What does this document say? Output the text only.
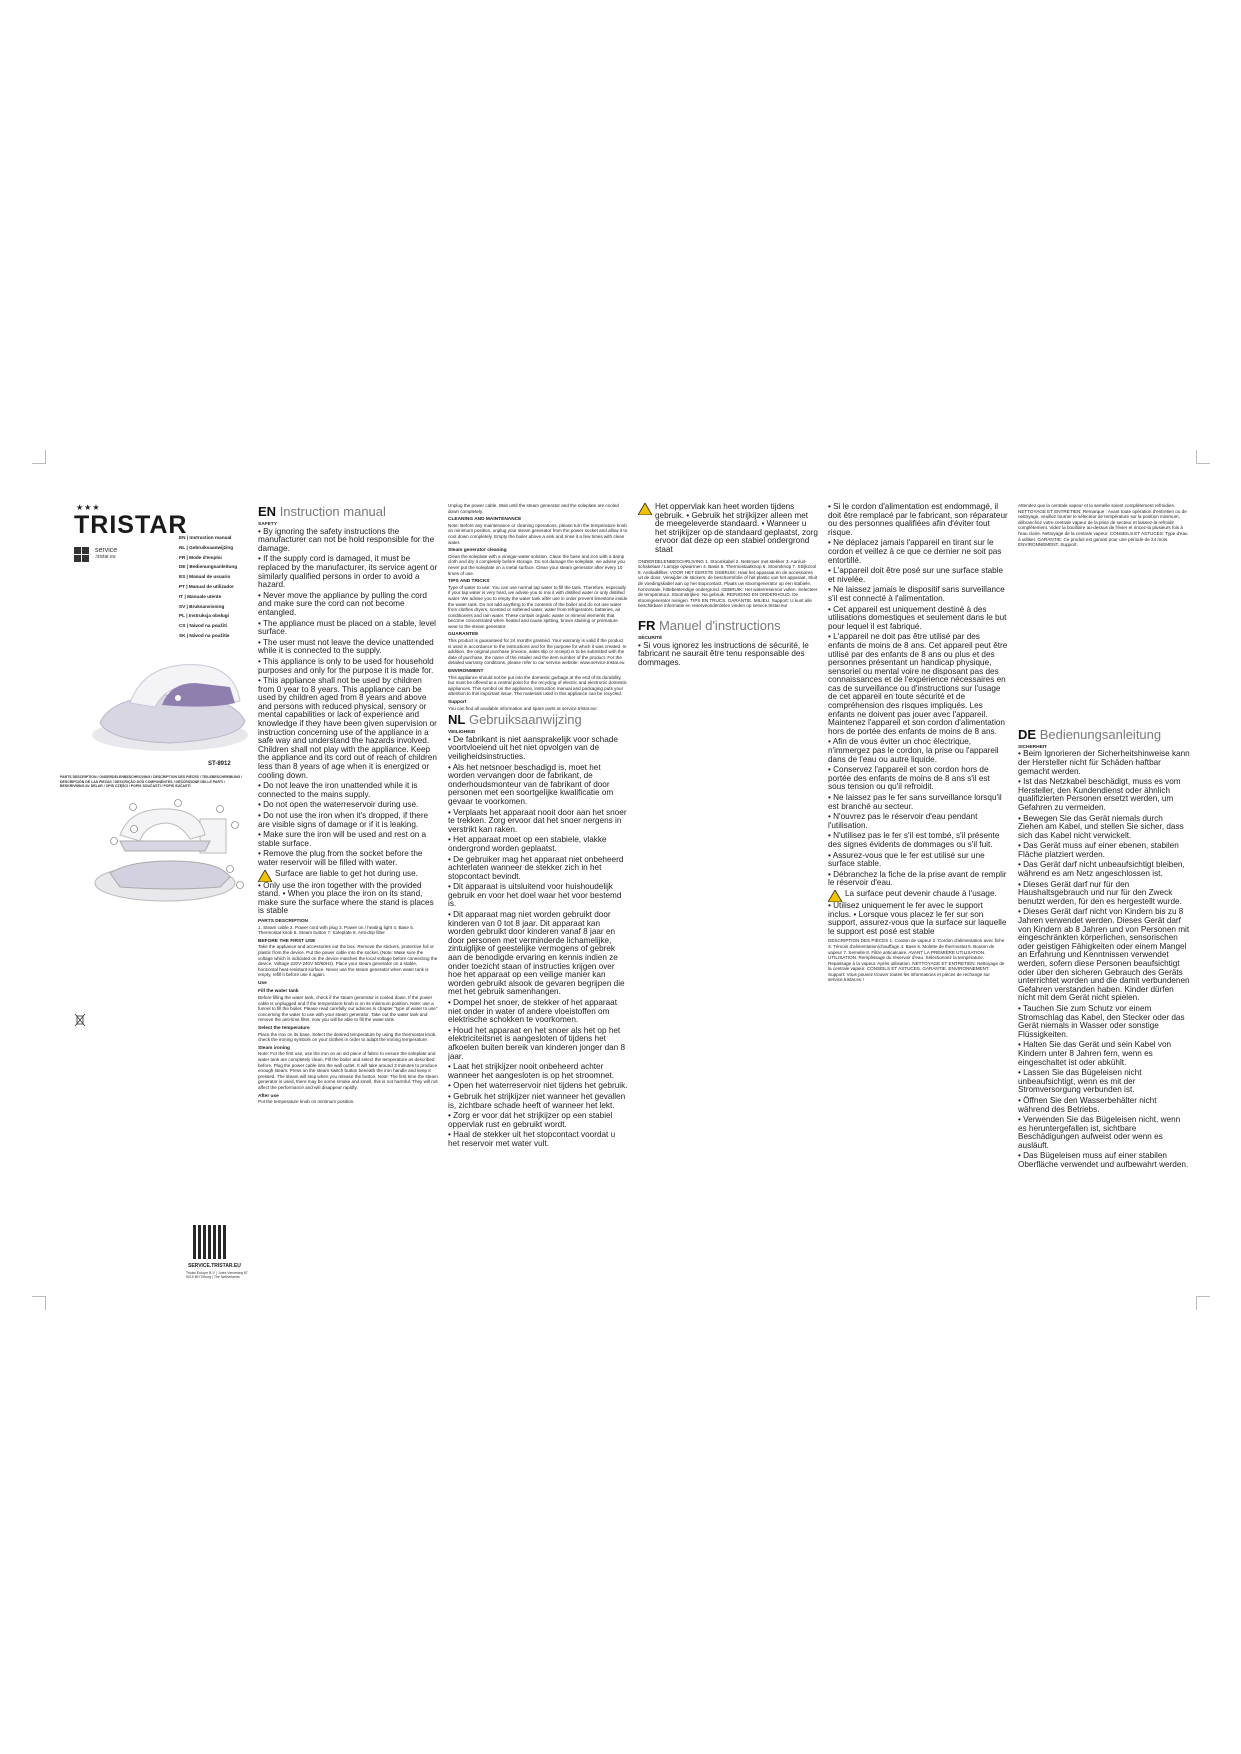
★★★
TRISTAR
service
.tristar.eu
EN | Instruction manual
NL | Gebruiksaanwijzing
FR | Mode d'emploi
DE | Bedienungsanleitung
ES | Manual de usuario
PT | Manual de utilizador
IT | Manuale utente
SV | Bruksanvisning
PL | Instrukcja obsługi
CS | Návod na použití
SK | Návod na použitie
ST-8912
PARTS DESCRIPTION / ONDERDELENBESCHRIJVING / DESCRIPTION DES PIÈCES / TEILEBESCHREIBUNG / DESCRIPCIÓN DE LAS PIEZAS / DESCRIÇÃO DOS COMPONENTES / DESCRIZIONE DELLE PARTI / BESKRIVNING AV DELAR / OPIS CZĘŚCI / POPIS SOUČÁSTÍ / POPIS SÚČASTÍ
SERVICE.TRISTAR.EU
Tristar Europe B.V. | Jules Verneweg 87 5015 BH Tilburg | The Netherlands
EN Instruction manual
SAFETY

• By ignoring the safety instructions the manufacturer can not be hold responsible for the damage.

• If the supply cord is damaged, it must be replaced by the manufacturer, its service agent or similarly qualified persons in order to avoid a hazard.

• Never move the appliance by pulling the cord and make sure the cord can not become entangled.

• The appliance must be placed on a stable, level surface.

• The user must not leave the device unattended while it is connected to the supply.

• This appliance is only to be used for household purposes and only for the purpose it is made for.

• This appliance shall not be used by children from 0 year to 8 years. This appliance can be used by children aged from 8 years and above and persons with reduced physical, sensory or mental capabilities or lack of experience and knowledge if they have been given supervision or instruction concerning use of the appliance in a safe way and understand the hazards involved. Children shall not play with the appliance. Keep the appliance and its cord out of reach of children less than 8 years of age when it is energized or cooling down.

• Do not leave the iron unattended while it is connected to the mains supply.

• Do not open the waterreservoir during use.

• Do not use the iron when it's dropped, if there are visible signs of damage or if it is leaking.

• Make sure the iron will be used and rest on a stable surface.

• Remove the plug from the socket before the water reservoir will be filled with water.

Surface are liable to get hot during use.

• Only use the iron together with the provided stand. • When you place the iron on its stand, make sure the surface where the stand is places is stable

PARTS DESCRIPTION

1. Steam cable 2. Power cord with plug 3. Power on / heating light 4. Base 5. Thermostat knob 6. Steam button 7. Soleplate 8. Anti-drip filter

BEFORE THE FIRST USE

Take the appliance and accessories out the box. Remove the stickers, protective foil or plastic from the device. Put the power cable into the socket. (Note: Make sure the voltage which is indicated on the device matches the local voltage before connecting the device. Voltage 220V-240V 50/60Hz). Place your steam generator on a stable, horizontal heat-resistant surface. Never use the steam generator when water tank is empty, refill it before use it again.

Use
Fill the water tank

Before filling the water tank, check if the steam generator is cooled down. If the power cable is unplugged and if the temperature knob is on its minimum position. Note: use a funnel to fill the boiler. Please read carefully our advices in chapter "type of water to use" concerning the water to use with your steam generator. Take out the water tank and remove the anti-lime filter, now you will be able to fill the water tank.

Select the temperature

Place the iron on its base. Select the desired temperature by using the thermostat knob, check the ironing symbols on your clothes in order to adapt the ironing temperature.

Steam ironing

Note: For the first use, use the iron on an old piece of fabric to ensure the soleplate and water tank are completely clean. Fill the boiler and select the temperature as described before. Plug the power cable into the wall outlet. It will take around 3 minutes to produce enough steam. Press on the steam switch button beneath the iron handle and keep it pressed. The steam will stop when you release the button. Note: The first time the steam generator is used, there may be some smoke and smell, this is not harmful. They will not affect the performance and will disappear rapidly.

After use

Put the temperature knob on minimum position.

Unplug the power cable. Wait until the steam generator and the soleplate are cooled down completely.

CLEANING AND MAINTENANCE

Note: Before any maintenance or cleaning operations, please turn the temperature knob on minimum position, unplug your steam generator from the power socket and allow it to cool down completely. Empty the boiler above a sink and rinse it a few times with clean water.

Steam generator cleaning

Clean the soleplate with a vinegar-water solution. Clean the base and iron with a damp cloth and dry it completely before storage. Do not damage the soleplate, we advise you never put the soleplate on a metal surface. Clean your steam generator after every 10 times of use.

TIPS AND TRICKS

Type of water to use: You can use normal tap water to fill the tank. Therefore, especially if your tap water is very hard, we advise you to mix it with distilled water or only distilled water. We advise you to empty the water tank after use in order prevent limestone inside the water tank. Do not add anything to the contents of the boiler and do not use water from clothes dryers, scented or softened water, water from refrigerators, batteries, air conditioners and rain water. These contain organic waste or mineral elements that become concentrated when heated and cause spitting, brown staining or premature wear to the steam generator.

GUARANTEE

This product is guaranteed for 24 months grantied. Your warranty is valid if the product is used in accordance to the instructions and for the purpose for which it was created. In addition, the original purchase (invoice, sales slip or receipt) is to be submitted with the date of purchase, the name of the retailer and the item number of the product. For the detailed warranty conditions, please refer to our service website: www.service.tristar.eu

ENVIRONMENT

This appliance should not be put into the domestic garbage at the end of its durability, but must be offered at a central point for the recycling of electric and electronic domestic appliances. This symbol on the appliance, instruction manual and packaging puts your attention to this important issue. The materials used in this appliance can be recycled.

Support

You can find all available information and spare parts at service.tristar.eu!

NL Gebruiksaanwijzing
VEILIGHEID

• De fabrikant is niet aansprakelijk voor schade voortvloeiend uit het niet opvolgen van de veiligheidsinstructies.

• Als het netsnoer beschadigd is, moet het worden vervangen door de fabrikant, de onderhoudsmonteur van de fabrikant of door personen met een soortgelijke kwalificatie om gevaar te voorkomen.

• Verplaats het apparaat nooit door aan het snoer te trekken. Zorg ervoor dat het snoer nergens in verstrikt kan raken.

• Het apparaat moet op een stabiele, vlakke ondergrond worden geplaatst.

• De gebruiker mag het apparaat niet onbeheerd achterlaten wanneer de stekker zich in het stopcontact bevindt.

• Dit apparaat is uitsluitend voor huishoudelijk gebruik en voor het doel waar het voor bestemd is.

• Dit apparaat mag niet worden gebruikt door kinderen van 0 tot 8 jaar. Dit apparaat kan worden gebruikt door kinderen vanaf 8 jaar en door personen met verminderde lichamelijke, zintuiglijke of geestelijke vermogens of gebrek aan de benodigde ervaring en kennis indien ze onder toezicht staan of instructies krijgen over hoe het apparaat op een veilige manier kan worden gebruikt alsook de gevaren begrijpen die met het gebruik samenhangen.

• Dompel het snoer, de stekker of het apparaat niet onder in water of andere vloeistoffen om elektrische schokken te voorkomen.

• Houd het apparaat en het snoer als het op het elektriciteitsnet is aangesloten of tijdens het afkoelen buiten bereik van kinderen jonger dan 8 jaar.

• Laat het strijkijzer nooit onbeheerd achter wanneer het aangesloten is op het stroomnet.

• Open het waterreservoir niet tijdens het gebruik.

• Gebruik het strijkijzer niet wanneer het gevallen is, zichtbare schade heeft of wanneer het lekt.

• Zorg er voor dat het strijkijzer op een stabiel oppervlak rust en gebruikt wordt.

• Haal de stekker uit het stopcontact voordat u het reservoir met water vult.

Het oppervlak kan heet worden tijdens gebruik. • Gebruik het strijkijzer alleen met de meegeleverde standaard. • Wanneer u het strijkijzer op de standaard geplaatst, zorg ervoor dat deze op een stabiel ondergrond staat

ONDERDELENBESCHRIJVING 1. Stoomkabel 2. Netsnoer met stekker 3. Aan/uit-schakelaar / Lampje opwarmen 4. Basis 5. Thermostaatknop 6. Stoomknop 7. Strijkzool 8. Antikalkfilter. VOOR HET EERSTE GEBRUIK: Haal het apparaat en de accessoires uit de doos. Verwijder de stickers, de beschermfolie of het plastic van het apparaat. Sluit de voedingskabel aan op het stopcontact. Plaats uw stoomgenerator op een stabiele, horizontale, hittebestendige ondergrond. GEBRUIK: Het waterreservoir vullen. Selecteer de temperatuur. Stoomstrijken. Na gebruik. REINIGING EN ONDERHOUD. De stoomgenerator reinigen. TIPS EN TRUCS. GARANTIE. MILIEU. Support: U kunt alle beschikbare informatie en reserveonderdelen vinden op service.tristar.eu!

FR Manuel d'instructions
SÉCURITÉ

• Si vous ignorez les instructions de sécurité, le fabricant ne saurait être tenu responsable des dommages.

• Si le cordon d'alimentation est endommagé, il doit être remplacé par le fabricant, son réparateur ou des personnes qualifiées afin d'éviter tout risque.

• Ne déplacez jamais l'appareil en tirant sur le cordon et veillez à ce que ce dernier ne soit pas entortillé.

• L'appareil doit être posé sur une surface stable et nivelée.

• Ne laissez jamais le dispositif sans surveillance s'il est connecté à l'alimentation.

• Cet appareil est uniquement destiné à des utilisations domestiques et seulement dans le but pour lequel il est fabriqué.

• L'appareil ne doit pas être utilisé par des enfants de moins de 8 ans. Cet appareil peut être utilisé par des enfants de 8 ans ou plus et des personnes présentant un handicap physique, sensoriel ou mental voire ne disposant pas des connaissances et de l'expérience nécessaires en cas de surveillance ou d'instructions sur l'usage de cet appareil en toute sécurité et de compréhension des risques impliqués. Les enfants ne doivent pas jouer avec l'appareil. Maintenez l'appareil et son cordon d'alimentation hors de portée des enfants de moins de 8 ans.

• Afin de vous éviter un choc électrique, n'immergez pas le cordon, la prise ou l'appareil dans de l'eau ou autre liquide.

• Conservez l'appareil et son cordon hors de portée des enfants de moins de 8 ans s'il est sous tension ou qu'il refroidit.

• Ne laissez pas le fer sans surveillance lorsqu'il est branché au secteur.

• N'ouvrez pas le réservoir d'eau pendant l'utilisation.

• N'utilisez pas le fer s'il est tombé, s'il présente des signes évidents de dommages ou s'il fuit.

• Assurez-vous que le fer est utilisé sur une surface stable.

• Débranchez la fiche de la prise avant de remplir le réservoir d'eau.

La surface peut devenir chaude à l'usage.

• Utilisez uniquement le fer avec le support inclus. • Lorsque vous placez le fer sur son support, assurez-vous que la surface sur laquelle le support est posé est stable

DESCRIPTION DES PIÈCES 1. Cordon de vapeur 2. Cordon d'alimentation avec fiche 3. Témoin d'alimentation/chauffage 4. Base 5. Molette de thermostat 6. Bouton de vapeur 7. Semelle 8. Filtre anticalcaire. AVANT LA PREMIÈRE UTILISATION. UTILISATION. Remplissage du réservoir d'eau. Sélectionnez la température. Repassage à la vapeur. Après utilisation. NETTOYAGE ET ENTRETIEN. Nettoyage de la centrale vapeur. CONSEILS ET ASTUCES. GARANTIE. ENVIRONNEMENT. Support: Vous pouvez trouver toutes les informations et pièces de rechange sur service.tristar.eu !

Attendez que la centrale vapeur et la semelle soient complètement refroidies. NETTOYAGE ET ENTRETIEN: Remarque : Avant toute opération d'entretien ou de nettoyage, veuillez tourner le sélecteur de température sur la position minimum, débranchez votre centrale vapeur de la prise de secteur et laissez-la refroidir complètement. Videz la bouilloire au-dessus de l'évier et rincez-la plusieurs fois à l'eau claire. Nettoyage de la centrale vapeur. CONSEILS ET ASTUCES: Type d'eau à utiliser. GARANTIE: Ce produit est garanti pour une période de 24 mois. ENVIRONNEMENT. Support.

DE Bedienungsanleitung
SICHERHEIT

• Beim Ignorieren der Sicherheitshinweise kann der Hersteller nicht für Schäden haftbar gemacht werden.

• Ist das Netzkabel beschädigt, muss es vom Hersteller, den Kundendienst oder ähnlich qualifizierten Personen ersetzt werden, um Gefahren zu vermeiden.

• Bewegen Sie das Gerät niemals durch Ziehen am Kabel, und stellen Sie sicher, dass sich das Kabel nicht verwickelt.

• Das Gerät muss auf einer ebenen, stabilen Fläche platziert werden.

• Das Gerät darf nicht unbeaufsichtigt bleiben, während es am Netz angeschlossen ist.

• Dieses Gerät darf nur für den Haushaltsgebrauch und nur für den Zweck benutzt werden, für den es hergestellt wurde.

• Dieses Gerät darf nicht von Kindern bis zu 8 Jahren verwendet werden. Dieses Gerät darf von Kindern ab 8 Jahren und von Personen mit eingeschränkten körperlichen, sensorischen oder geistigen Fähigkeiten oder einem Mangel an Erfahrung und Kenntnissen verwendet werden, sofern diese Personen beaufsichtigt oder über den sicheren Gebrauch des Geräts unterrichtet worden und die damit verbundenen Gefahren verstanden haben. Kinder dürfen nicht mit dem Gerät nicht spielen.

• Tauchen Sie zum Schutz vor einem Stromschlag das Kabel, den Stecker oder das Gerät niemals in Wasser oder sonstige Flüssigkeiten.

• Halten Sie das Gerät und sein Kabel von Kindern unter 8 Jahren fern, wenn es eingeschaltet ist oder abkühlt.

• Lassen Sie das Bügeleisen nicht unbeaufsichtigt, wenn es mit der Stromversorgung verbunden ist.

• Öffnen Sie den Wasserbehälter nicht während des Betriebs.

• Verwenden Sie das Bügeleisen nicht, wenn es heruntergefallen ist, sichtbare Beschädigungen aufweist oder wenn es ausläuft.

• Das Bügeleisen muss auf einer stabilen Oberfläche verwendet und aufbewahrt werden.
